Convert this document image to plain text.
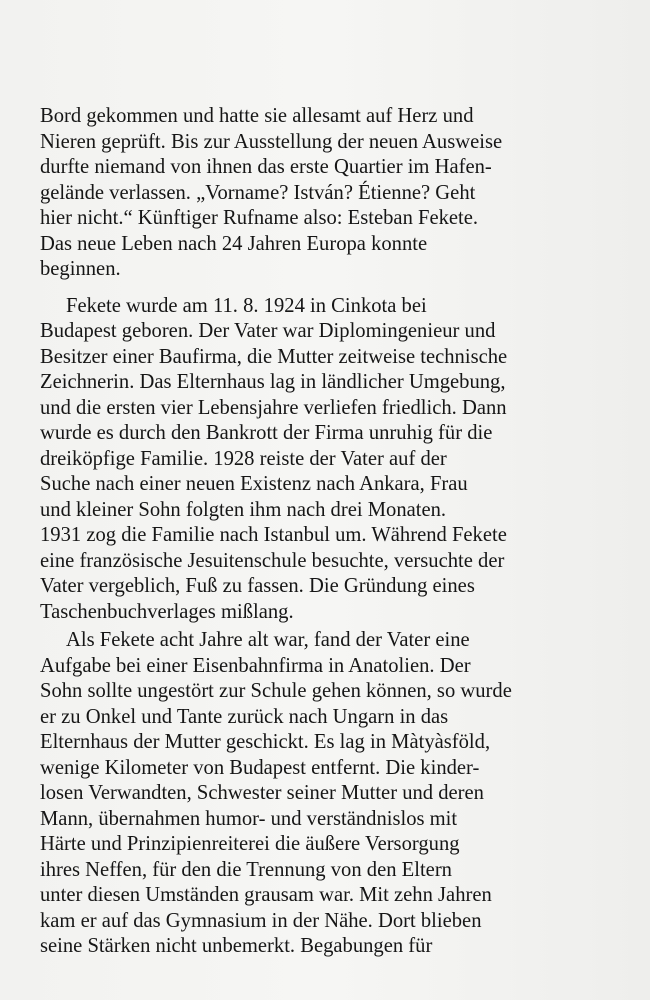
Bord gekommen und hatte sie allesamt auf Herz und
Nieren geprüft. Bis zur Ausstellung der neuen Ausweise
durfte niemand von ihnen das erste Quartier im Hafen-
gelände verlassen. „Vorname? István? Étienne? Geht
hier nicht.“ Künftiger Rufname also: Esteban Fekete.
Das neue Leben nach 24 Jahren Europa konnte
beginnen.
Fekete wurde am 11. 8. 1924 in Cinkota bei
Budapest geboren. Der Vater war Diplomingenieur und
Besitzer einer Baufirma, die Mutter zeitweise technische
Zeichnerin. Das Elternhaus lag in ländlicher Umgebung,
und die ersten vier Lebensjahre verliefen friedlich. Dann
wurde es durch den Bankrott der Firma unruhig für die
dreiköpfige Familie. 1928 reiste der Vater auf der
Suche nach einer neuen Existenz nach Ankara, Frau
und kleiner Sohn folgten ihm nach drei Monaten.
1931 zog die Familie nach Istanbul um. Während Fekete
eine französische Jesuitenschule besuchte, versuchte der
Vater vergeblich, Fuß zu fassen. Die Gründung eines
Taschenbuchverlages mißlang.
Als Fekete acht Jahre alt war, fand der Vater eine
Aufgabe bei einer Eisenbahnfirma in Anatolien. Der
Sohn sollte ungestört zur Schule gehen können, so wurde
er zu Onkel und Tante zurück nach Ungarn in das
Elternhaus der Mutter geschickt. Es lag in Màtyàsföld,
wenige Kilometer von Budapest entfernt. Die kinder-
losen Verwandten, Schwester seiner Mutter und deren
Mann, übernahmen humor- und verständnislos mit
Härte und Prinzipienreiterei die äußere Versorgung
ihres Neffen, für den die Trennung von den Eltern
unter diesen Umständen grausam war. Mit zehn Jahren
kam er auf das Gymnasium in der Nähe. Dort blieben
seine Stärken nicht unbemerkt. Begabungen für
